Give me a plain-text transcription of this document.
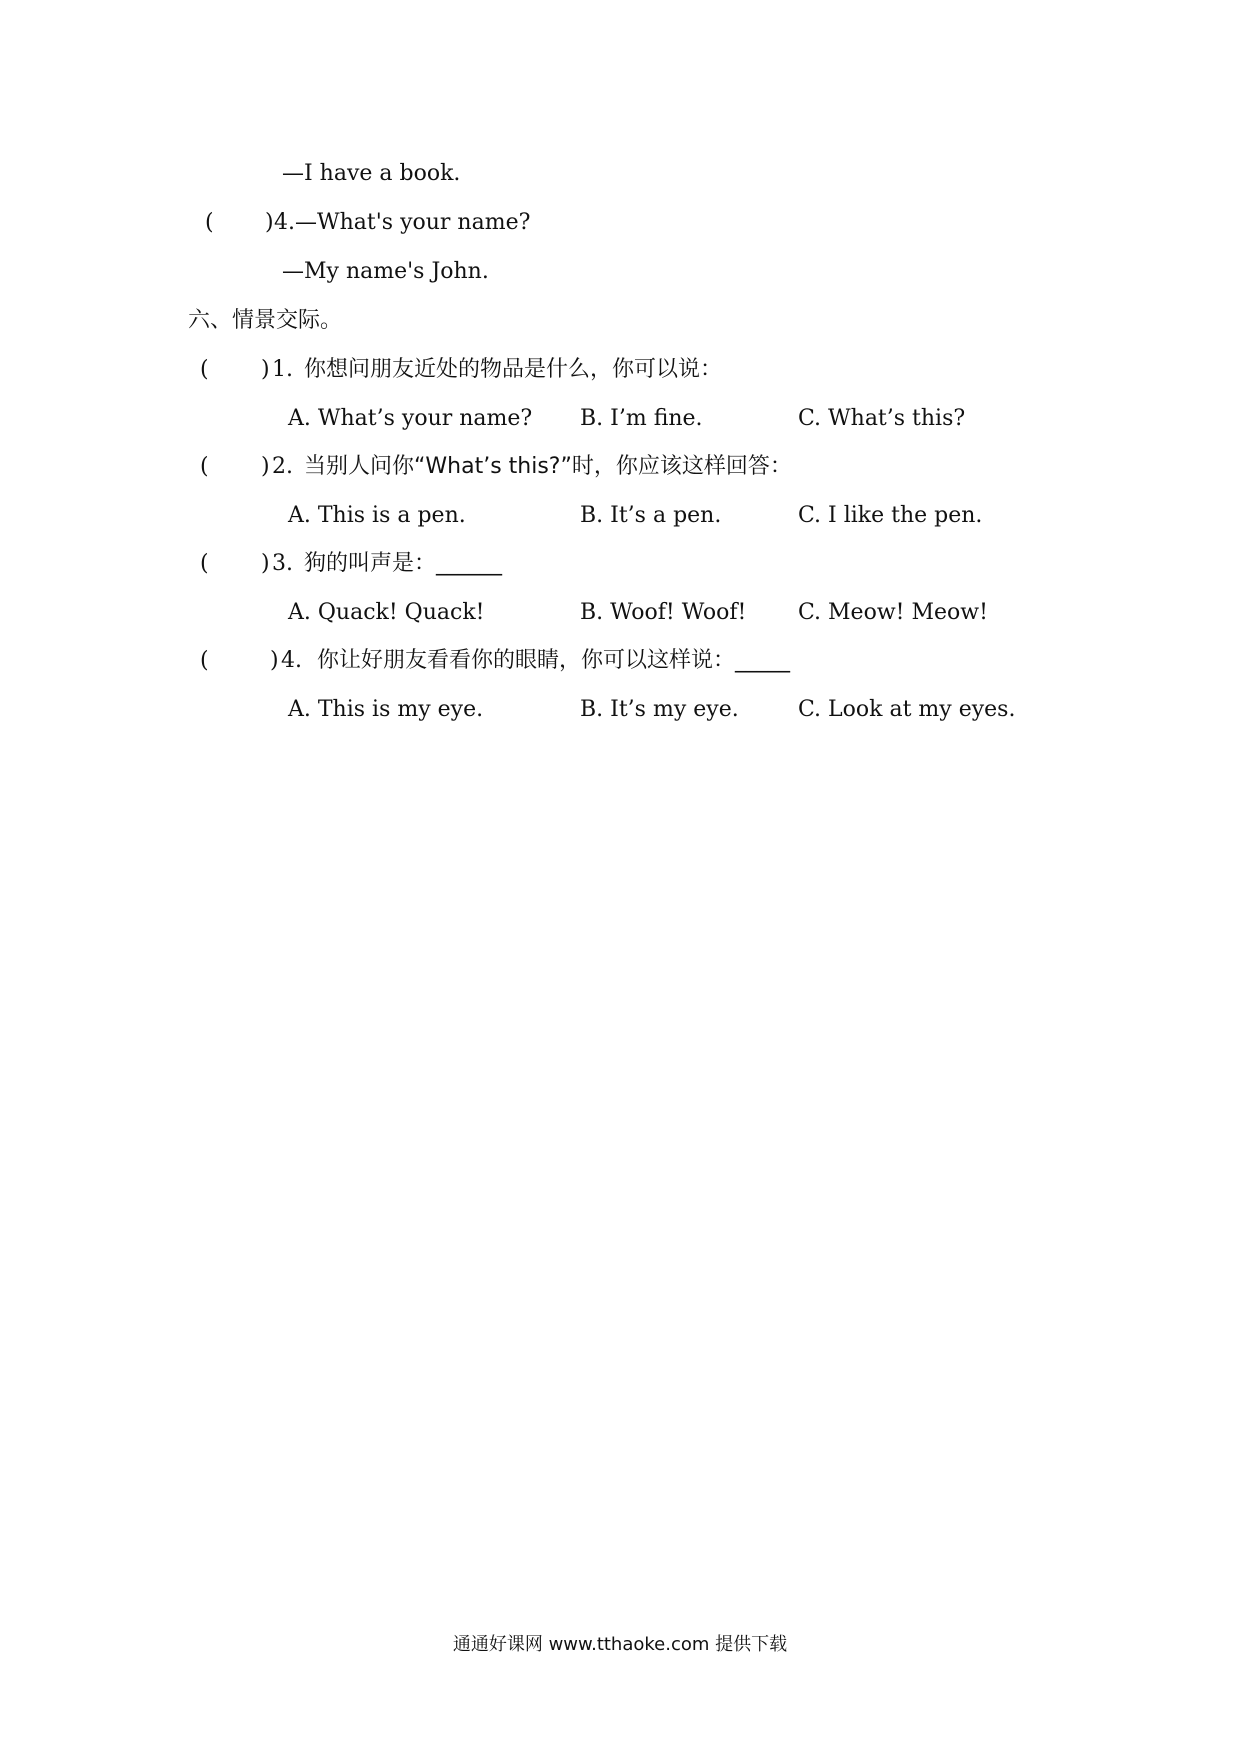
—I have a book.
( ) 4. —What's your name?
—My name's John.
六、情景交际。
( ) 1. 你想问朋友近处的物品是什么，你可以说：
A. What’s your name? B. I’m fine.	C. What’s this?
( ) 2. 当别人问你“What’s this?”时，你应该这样回答：
A. This is a pen.	B. It’s a pen.	C. I like the pen.
( ) 3. 狗的叫声是：______
A. Quack! Quack!	B. Woof! Woof! C. Meow! Meow!
(	) 4. 你让好朋友看看你的眼睛，你可以这样说：_____
A. This is my eye.	B. It’s my eye.	C. Look at my eyes.
通通好课网 www.tthaoke.com 提供下载
